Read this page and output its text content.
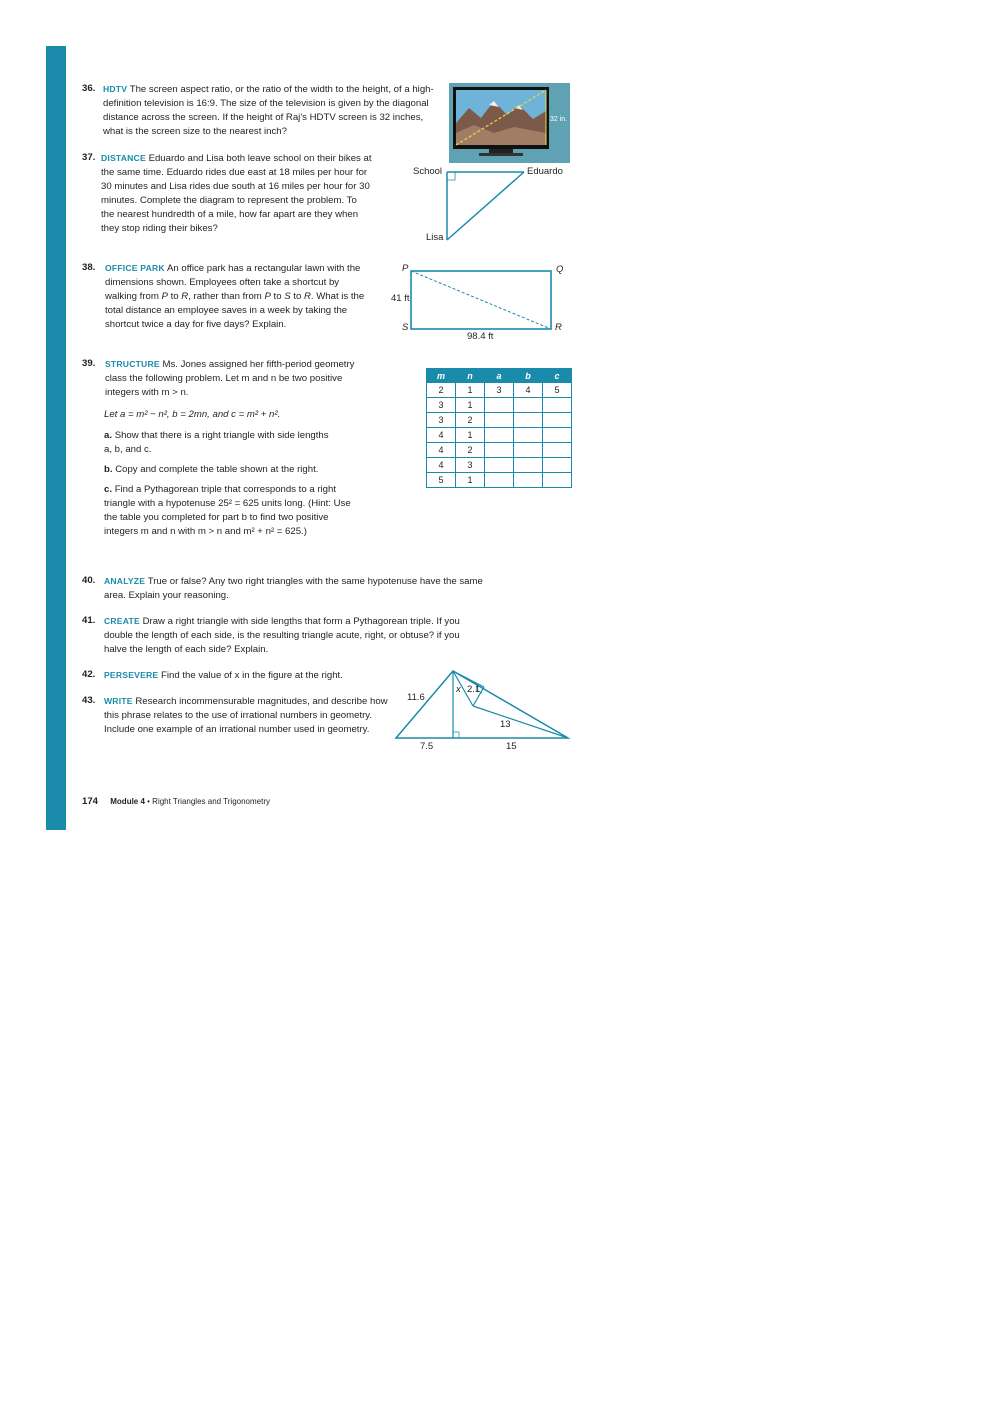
36. HDTV The screen aspect ratio, or the ratio of the width to the height, of a high-definition television is 16:9. The size of the television is given by the diagonal distance across the screen. If the height of Raj's HDTV screen is 32 inches, what is the screen size to the nearest inch?
32 in.
37. DISTANCE Eduardo and Lisa both leave school on their bikes at the same time. Eduardo rides due east at 18 miles per hour for 30 minutes and Lisa rides due south at 16 miles per hour for 30 minutes. Complete the diagram to represent the problem. To the nearest hundredth of a mile, how far apart are they when they stop riding their bikes?
School	Eduardo
Lisa
38. OFFICE PARK An office park has a rectangular lawn with the dimensions shown. Employees often take a shortcut by walking from P to R, rather than from P to S to R. What is the total distance an employee saves in a week by taking the shortcut twice a day for five days? Explain.
P	Q
S	R
41 ft
98.4 ft
39. STRUCTURE Ms. Jones assigned her fifth-period geometry class the following problem. Let m and n be two positive integers with m > n.
Let a = m² − n², b = 2mn, and c = m² + n².
a. Show that there is a right triangle with side lengths a, b, and c.
b. Copy and complete the table shown at the right.
c. Find a Pythagorean triple that corresponds to a right triangle with a hypotenuse 25² = 625 units long. (Hint: Use the table you completed for part b to find two positive integers m and n with m > n and m² + n² = 625.)
m	n	a	b	c
2	1	3	4	5
3	1			
3	2			
4	1			
4	2			
4	3			
5	1			
40. ANALYZE True or false? Any two right triangles with the same hypotenuse have the same area. Explain your reasoning.
41. CREATE Draw a right triangle with side lengths that form a Pythagorean triple. If you double the length of each side, is the resulting triangle acute, right, or obtuse? if you halve the length of each side? Explain.
42. PERSEVERE Find the value of x in the figure at the right.
x 2.1
11.6
13
7.5	15
43. WRITE Research incommensurable magnitudes, and describe how this phrase relates to the use of irrational numbers in geometry. Include one example of an irrational number used in geometry.
174 Module 4 • Right Triangles and Trigonometry
